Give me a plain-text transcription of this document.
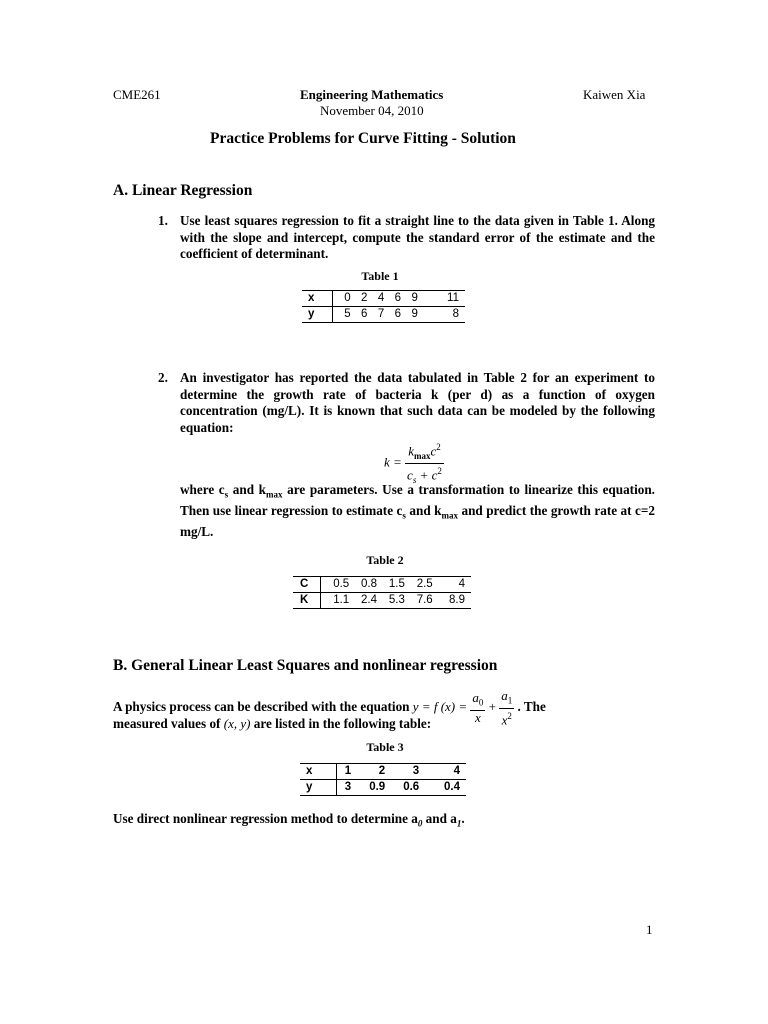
CME261	Engineering Mathematics	Kaiwen Xia
November 04, 2010
Practice Problems for Curve Fitting - Solution
A. Linear Regression
1. Use least squares regression to fit a straight line to the data given in Table 1. Along with the slope and intercept, compute the standard error of the estimate and the coefficient of determinant.
Table 1
x	0	2	4	6	9	11
y	5	6	7	6	9	8
2. An investigator has reported the data tabulated in Table 2 for an experiment to determine the growth rate of bacteria k (per d) as a function of oxygen concentration (mg/L). It is known that such data can be modeled by the following equation:
$k = \frac{k_{max}c^2}{c_s + c^2}$
where $c_s$ and $k_{max}$ are parameters. Use a transformation to linearize this equation. Then use linear regression to estimate $c_s$ and $k_{max}$ and predict the growth rate at c=2 mg/L.
Table 2
C	0.5	0.8	1.5	2.5	4
K	1.1	2.4	5.3	7.6	8.9
B. General Linear Least Squares and nonlinear regression
A physics process can be described with the equation y = f $(x) = \frac{a_0}{x} + \frac{a_1}{x^2}$ . The
measured values of (x, y) are listed in the following table:
Table 3
x	1	2	3	4
y	3	0.9	0.6	0.4
Use direct nonlinear regression method to determine $a_0$ and $a_1$.
1
